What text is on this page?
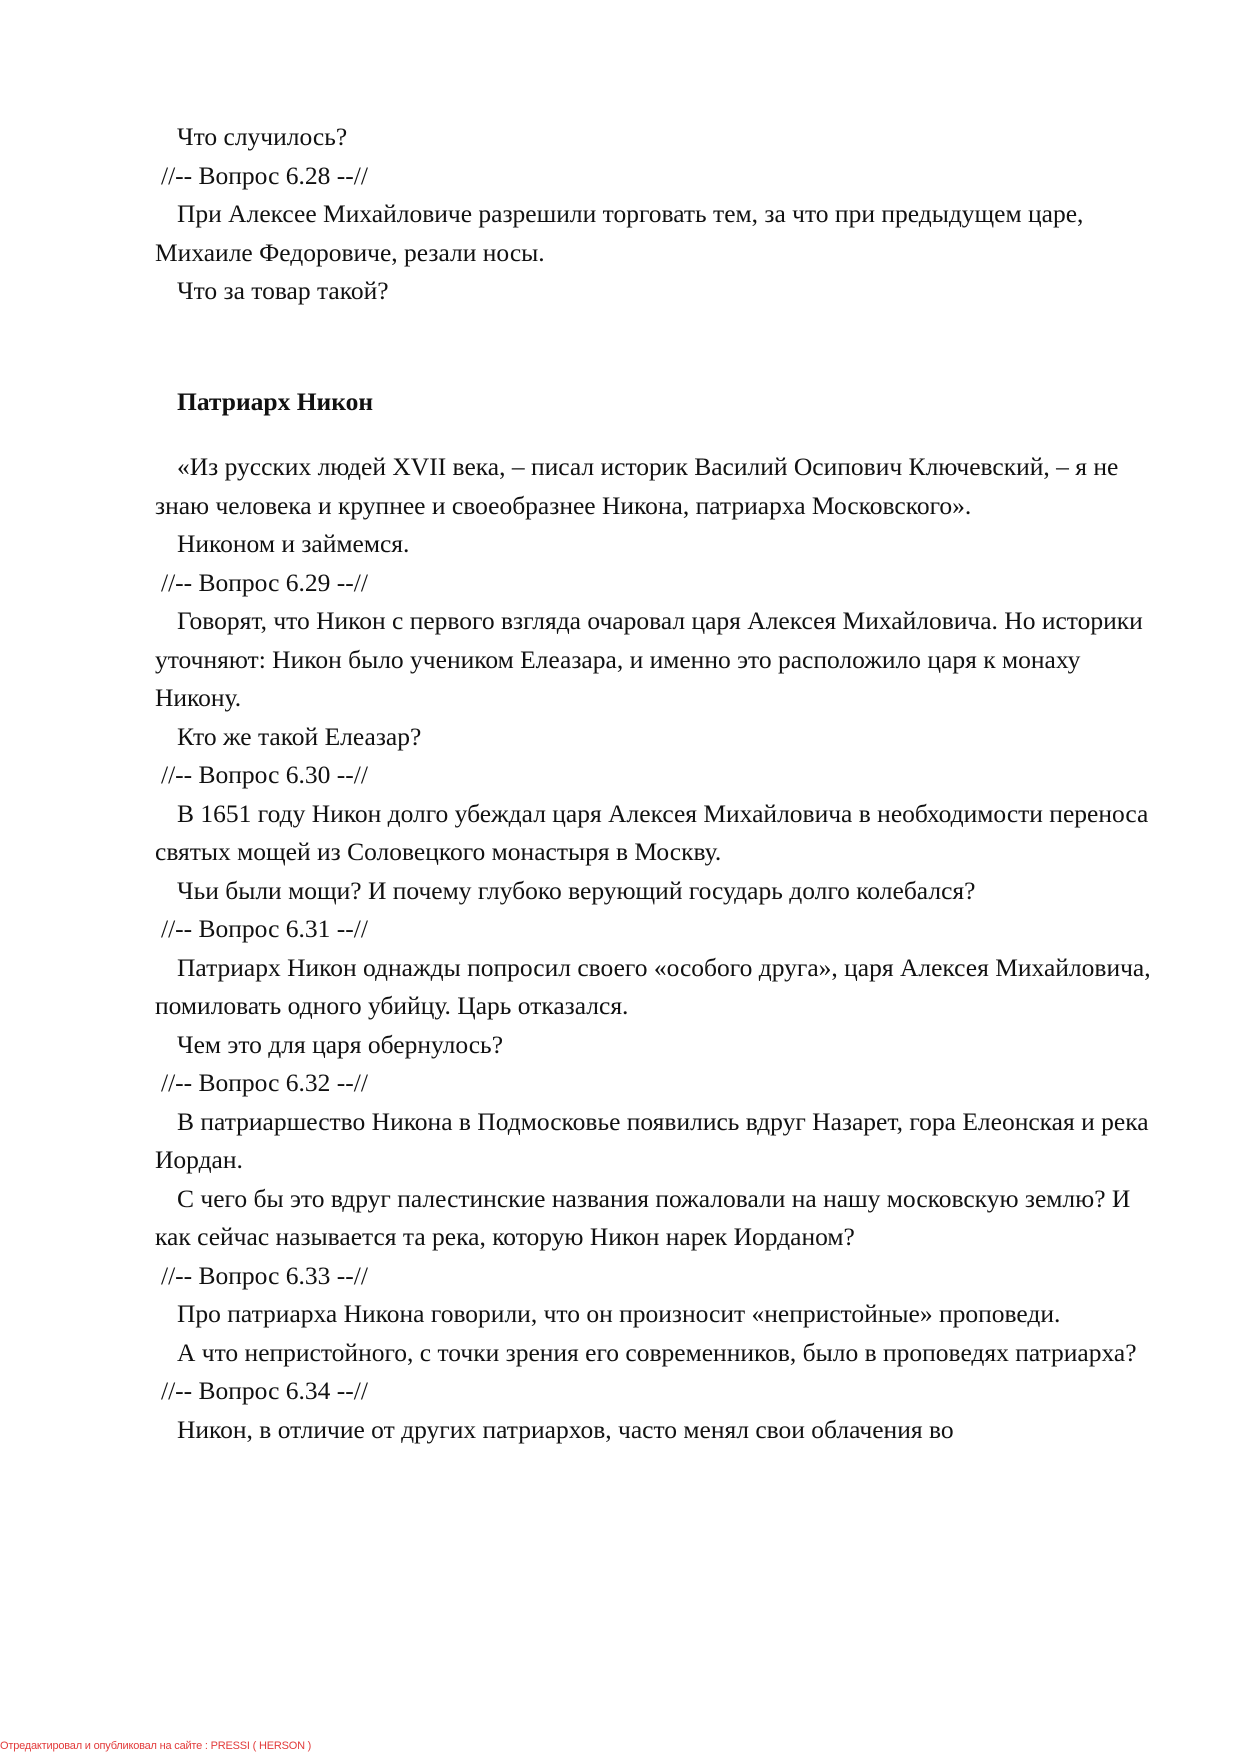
Что случилось?

//-- Вопрос 6.28 --//

При Алексее Михайловиче разрешили торговать тем, за что при предыдущем царе, Михаиле Федоровиче, резали носы.

Что за товар такой?

Патриарх Никон

«Из русских людей XVII века, – писал историк Василий Осипович Ключевский, – я не знаю человека и крупнее и своеобразнее Никона, патриарха Московского».

Никоном и займемся.

//-- Вопрос 6.29 --//

Говорят, что Никон с первого взгляда очаровал царя Алексея Михайловича. Но историки уточняют: Никон было учеником Елеазара, и именно это расположило царя к монаху Никону.

Кто же такой Елеазар?

//-- Вопрос 6.30 --//

В 1651 году Никон долго убеждал царя Алексея Михайловича в необходимости переноса святых мощей из Соловецкого монастыря в Москву.

Чьи были мощи? И почему глубоко верующий государь долго колебался?

//-- Вопрос 6.31 --//

Патриарх Никон однажды попросил своего «особого друга», царя Алексея Михайловича, помиловать одного убийцу. Царь отказался.

Чем это для царя обернулось?

//-- Вопрос 6.32 --//

В патриаршество Никона в Подмосковье появились вдруг Назарет, гора Елеонская и река Иордан.

С чего бы это вдруг палестинские названия пожаловали на нашу московскую землю? И как сейчас называется та река, которую Никон нарек Иорданом?

//-- Вопрос 6.33 --//

Про патриарха Никона говорили, что он произносит «непристойные» проповеди.

А что непристойного, с точки зрения его современников, было в проповедях патриарха?

//-- Вопрос 6.34 --//

Никон, в отличие от других патриархов, часто менял свои облачения во

Отредактировал и опубликовал на сайте : PRESSI ( HERSON )
